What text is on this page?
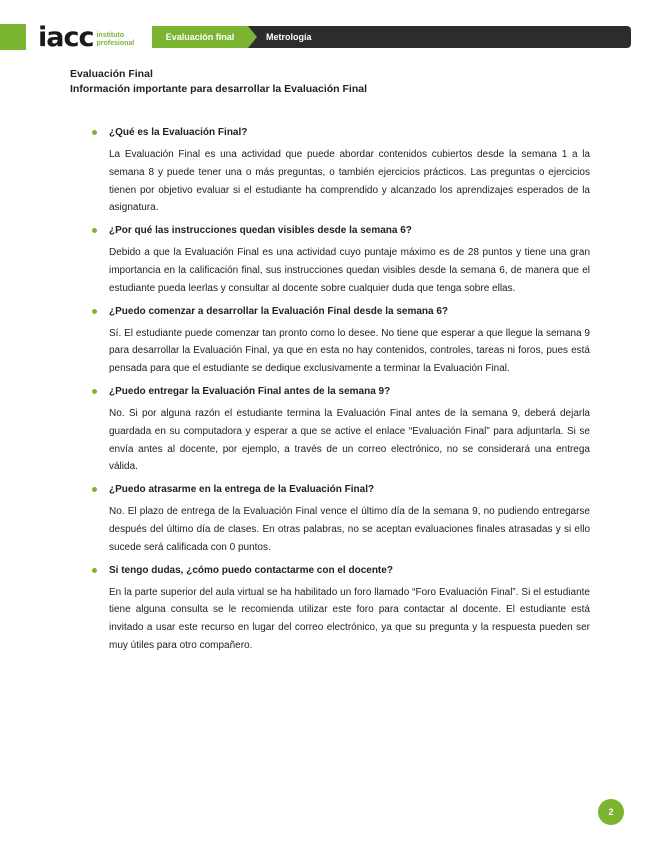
iacc instituto
profesional
Evaluación final	Metrología
Evaluación Final
Información importante para desarrollar la Evaluación Final
¿Qué es la Evaluación Final?
La Evaluación Final es una actividad que puede abordar contenidos cubiertos desde la semana 1 a la semana 8 y puede tener una o más preguntas, o también ejercicios prácticos. Las preguntas o ejercicios tienen por objetivo evaluar si el estudiante ha comprendido y alcanzado los aprendizajes esperados de la asignatura.
¿Por qué las instrucciones quedan visibles desde la semana 6?
Debido a que la Evaluación Final es una actividad cuyo puntaje máximo es de 28 puntos y tiene una gran importancia en la calificación final, sus instrucciones quedan visibles desde la semana 6, de manera que el estudiante pueda leerlas y consultar al docente sobre cualquier duda que tenga sobre ellas.
¿Puedo comenzar a desarrollar la Evaluación Final desde la semana 6?
Sí. El estudiante puede comenzar tan pronto como lo desee. No tiene que esperar a que llegue la semana 9 para desarrollar la Evaluación Final, ya que en esta no hay contenidos, controles, tareas ni foros, pues está pensada para que el estudiante se dedique exclusivamente a terminar la Evaluación Final.
¿Puedo entregar la Evaluación Final antes de la semana 9?
No. Si por alguna razón el estudiante termina la Evaluación Final antes de la semana 9, deberá dejarla guardada en su computadora y esperar a que se active el enlace “Evaluación Final” para adjuntarla. Si se envía antes al docente, por ejemplo, a través de un correo electrónico, no se considerará una entrega válida.
¿Puedo atrasarme en la entrega de la Evaluación Final?
No. El plazo de entrega de la Evaluación Final vence el último día de la semana 9, no pudiendo entregarse después del último día de clases. En otras palabras, no se aceptan evaluaciones finales atrasadas y si ello sucede será calificada con 0 puntos.
Si tengo dudas, ¿cómo puedo contactarme con el docente?
En la parte superior del aula virtual se ha habilitado un foro llamado “Foro Evaluación Final”. Si el estudiante tiene alguna consulta se le recomienda utilizar este foro para contactar al docente. El estudiante está invitado a usar este recurso en lugar del correo electrónico, ya que su pregunta y la respuesta pueden ser muy útiles para otro compañero.
2
